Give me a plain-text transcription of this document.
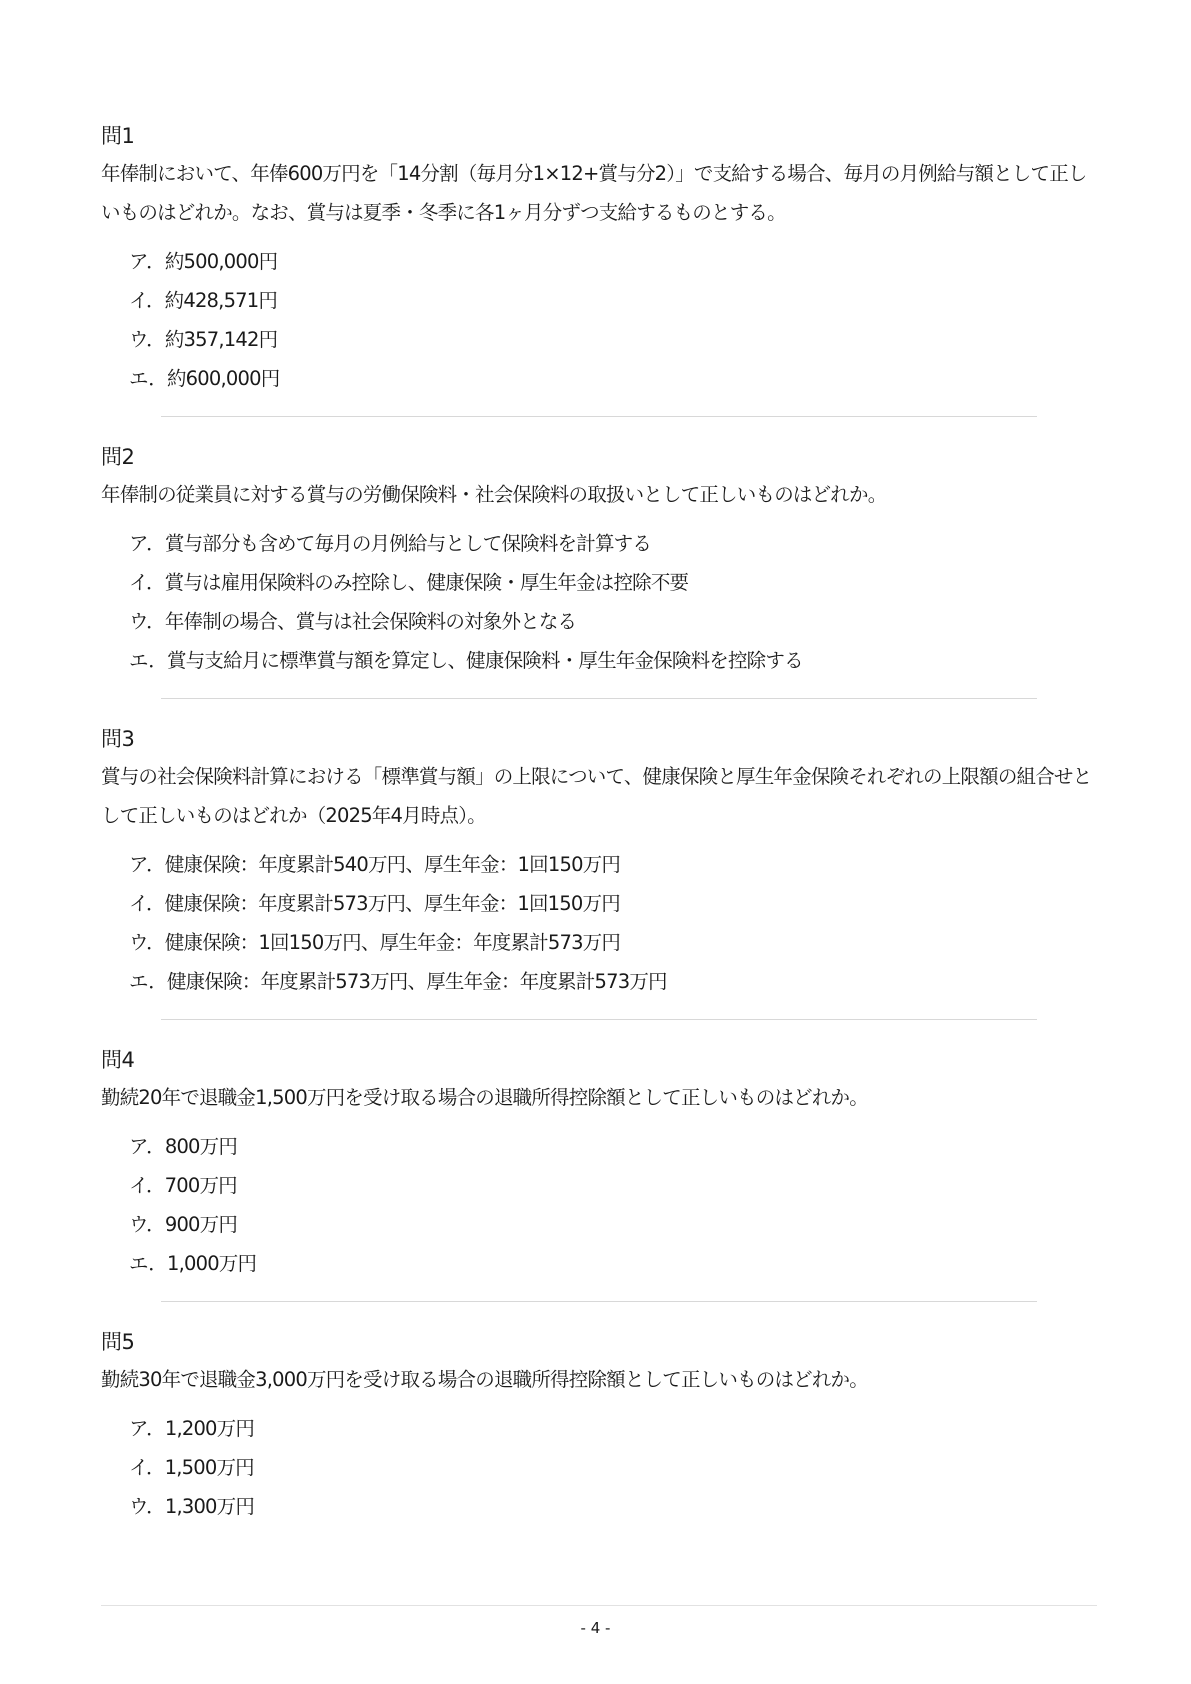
問1

年俸制において、年俸600万円を「14分割（毎月分1×12+賞与分2）」で支給する場合、毎月の月例給与額として正しいものはどれか。なお、賞与は夏季・冬季に各1ヶ月分ずつ支給するものとする。

ア．約500,000円
イ．約428,571円
ウ．約357,142円
エ．約600,000円
問2

年俸制の従業員に対する賞与の労働保険料・社会保険料の取扱いとして正しいものはどれか。

ア．賞与部分も含めて毎月の月例給与として保険料を計算する
イ．賞与は雇用保険料のみ控除し、健康保険・厚生年金は控除不要
ウ．年俸制の場合、賞与は社会保険料の対象外となる
エ．賞与支給月に標準賞与額を算定し、健康保険料・厚生年金保険料を控除する
問3

賞与の社会保険料計算における「標準賞与額」の上限について、健康保険と厚生年金保険それぞれの上限額の組合せとして正しいものはどれか（2025年4月時点）。

ア．健康保険：年度累計540万円、厚生年金：1回150万円
イ．健康保険：年度累計573万円、厚生年金：1回150万円
ウ．健康保険：1回150万円、厚生年金：年度累計573万円
エ．健康保険：年度累計573万円、厚生年金：年度累計573万円
問4

勤続20年で退職金1,500万円を受け取る場合の退職所得控除額として正しいものはどれか。

ア．800万円
イ．700万円
ウ．900万円
エ．1,000万円
問5

勤続30年で退職金3,000万円を受け取る場合の退職所得控除額として正しいものはどれか。

ア．1,200万円
イ．1,500万円
ウ．1,300万円
- 4 -
